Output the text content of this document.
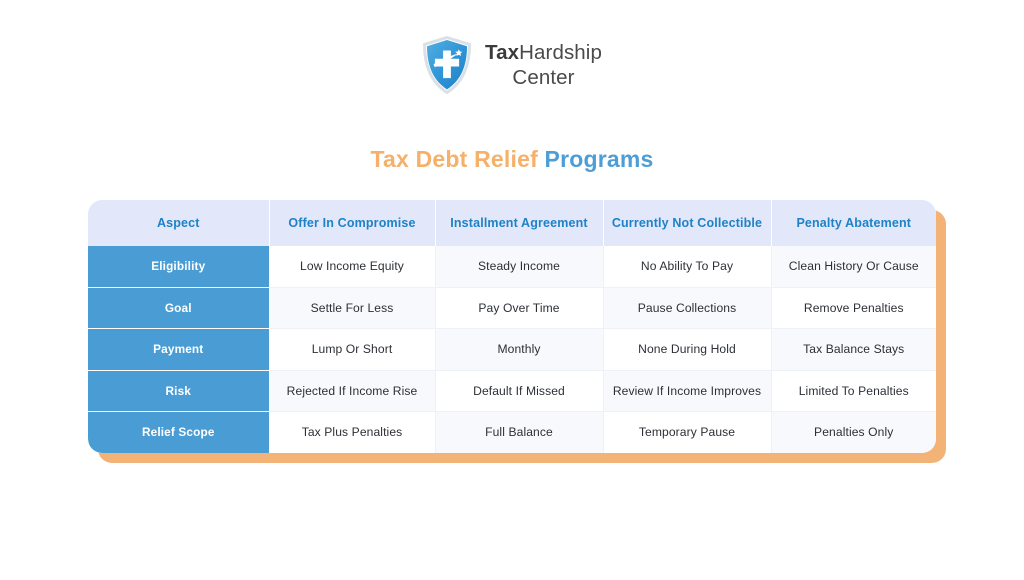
TaxHardship
Center
Tax Debt Relief Programs
Aspect	Offer In Compromise	Installment Agreement	Currently Not Collectible	Penalty Abatement
Eligibility	Low Income Equity	Steady Income	No Ability To Pay	Clean History Or Cause
Goal	Settle For Less	Pay Over Time	Pause Collections	Remove Penalties
Payment	Lump Or Short	Monthly	None During Hold	Tax Balance Stays
Risk	Rejected If Income Rise	Default If Missed	Review If Income Improves	Limited To Penalties
Relief Scope	Tax Plus Penalties	Full Balance	Temporary Pause	Penalties Only
